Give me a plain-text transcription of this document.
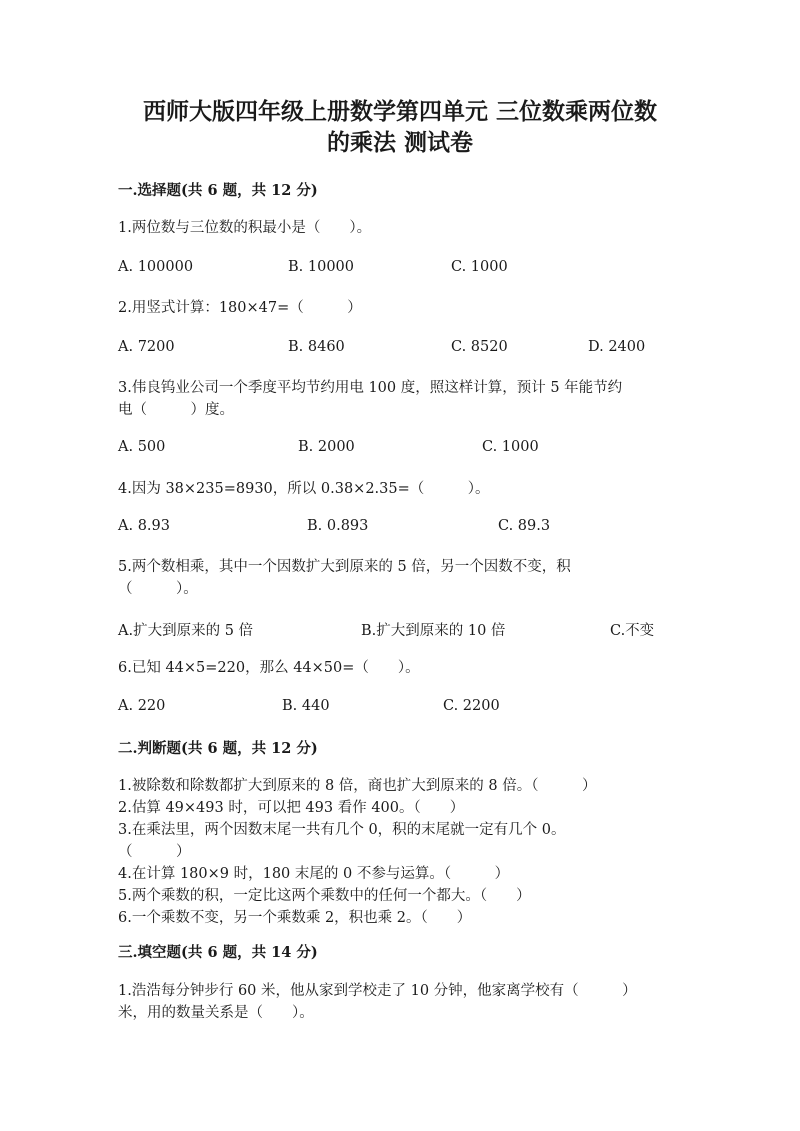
西师大版四年级上册数学第四单元 三位数乘两位数
的乘法 测试卷
一.选择题(共 6 题，共 12 分)
1.两位数与三位数的积最小是（　　）。
A. 100000	B. 10000	C. 1000
2.用竖式计算：180×47=（　　　）
A. 7200	B. 8460	C. 8520	D. 2400
3.伟良钨业公司一个季度平均节约用电 100 度，照这样计算，预计 5 年能节约
电（　　　）度。
A. 500	B. 2000	C. 1000
4.因为 38×235=8930，所以 0.38×2.35=（　　　）。
A. 8.93	B. 0.893	C. 89.3
5.两个数相乘，其中一个因数扩大到原来的 5 倍，另一个因数不变，积
（　　　）。
A.扩大到原来的 5 倍	B.扩大到原来的 10 倍	C.不变
6.已知 44×5=220，那么 44×50=（　　）。
A. 220	B. 440	C. 2200
二.判断题(共 6 题，共 12 分)
1.被除数和除数都扩大到原来的 8 倍，商也扩大到原来的 8 倍。（　　　）
2.估算 49×493 时，可以把 493 看作 400。（　　）
3.在乘法里，两个因数末尾一共有几个 0，积的末尾就一定有几个 0。
（　　　）
4.在计算 180×9 时，180 末尾的 0 不参与运算。（　　　）
5.两个乘数的积，一定比这两个乘数中的任何一个都大。（　　）
6.一个乘数不变，另一个乘数乘 2，积也乘 2。（　　）
三.填空题(共 6 题，共 14 分)
1.浩浩每分钟步行 60 米，他从家到学校走了 10 分钟，他家离学校有（　　　）
米，用的数量关系是（　　）。
